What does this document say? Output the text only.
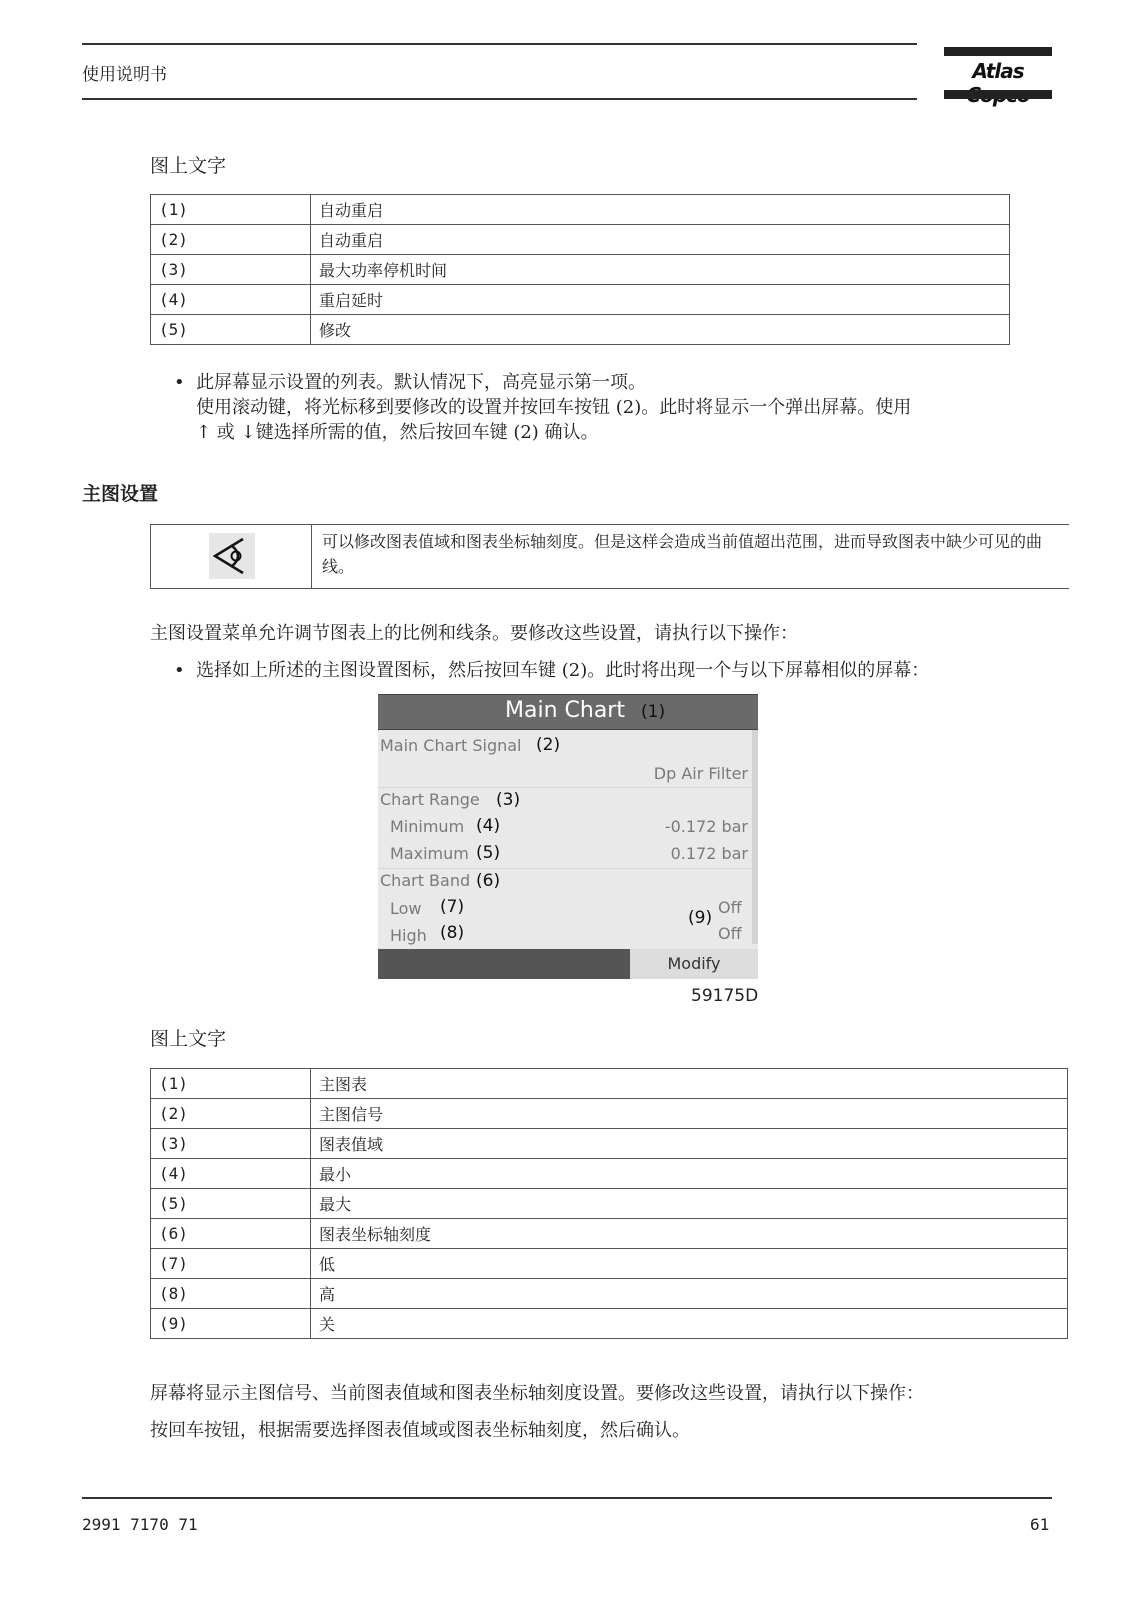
使用说明书	Atlas
图上文字
(1)	自动重启
(2)	自动重启
(3)	最大功率停机时间
(4)	重启延时
(5)	修改
•  此屏幕显示设置的列表。默认情况下，高亮显示第一项。
使用滚动键，将光标移到要修改的设置并按回车按钮 (2)。此时将显示一个弹出屏幕。使用
↑ 或 ↓键选择所需的值，然后按回车键 (2) 确认。
主图设置
可以修改图表值域和图表坐标轴刻度。但是这样会造成当前值超出范围，进而导致图表中缺少可见的曲线。
主图设置菜单允许调节图表上的比例和线条。要修改这些设置，请执行以下操作：
•  选择如上所述的主图设置图标，然后按回车键 (2)。此时将出现一个与以下屏幕相似的屏幕：
Main Chart (1)
Main Chart Signal (2)
Dp Air Filter
Chart Range (3)
Minimum (4)	-0.172 bar
Maximum (5)	0.172 bar
Chart Band (6)
Low (7)
High (8)
(9)
Off
Off
Modify
59175D
图上文字
(1)	主图表
(2)	主图信号
(3)	图表值域
(4)	最小
(5)	最大
(6)	图表坐标轴刻度
(7)	低
(8)	高
(9)	关
屏幕将显示主图信号、当前图表值域和图表坐标轴刻度设置。要修改这些设置，请执行以下操作：
按回车按钮，根据需要选择图表值域或图表坐标轴刻度，然后确认。
2991 7170 71	61
